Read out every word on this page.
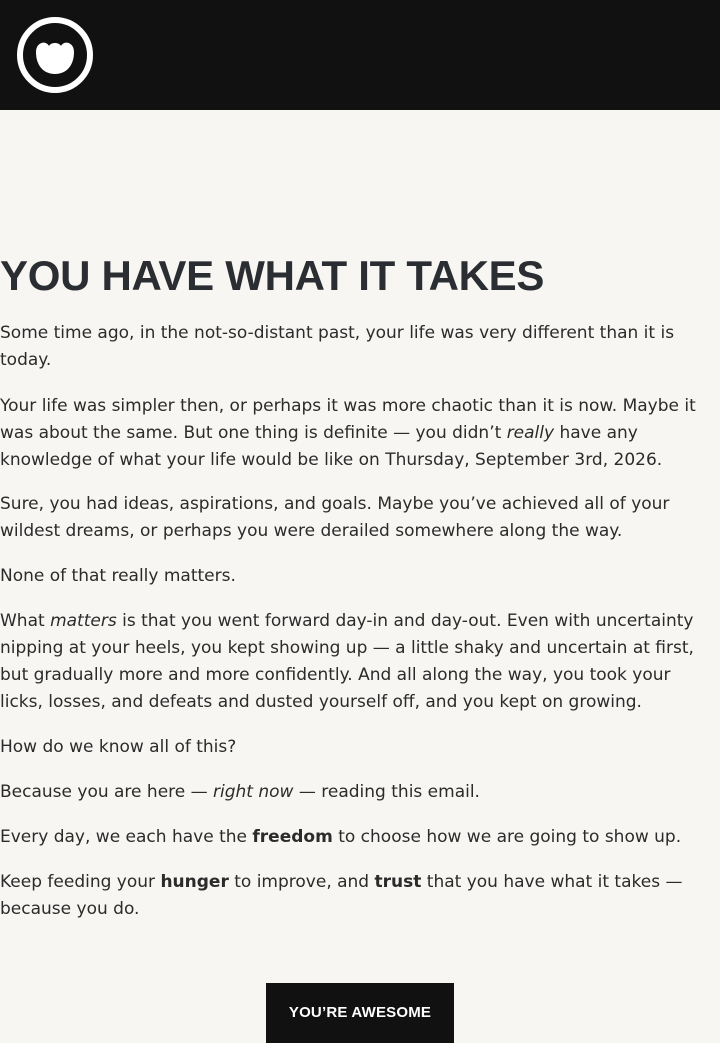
YOU HAVE WHAT IT TAKES

Some time ago, in the not-so-distant past, your life was very different than it is
today.

Your life was simpler then, or perhaps it was more chaotic than it is now. Maybe it
was about the same. But one thing is definite — you didn’t really have any
knowledge of what your life would be like on Thursday, September 3rd, 2026.

Sure, you had ideas, aspirations, and goals. Maybe you’ve achieved all of your
wildest dreams, or perhaps you were derailed somewhere along the way.

None of that really matters.

What matters is that you went forward day-in and day-out. Even with uncertainty
nipping at your heels, you kept showing up — a little shaky and uncertain at first,
but gradually more and more confidently. And all along the way, you took your
licks, losses, and defeats and dusted yourself off, and you kept on growing.

How do we know all of this?

Because you are here — right now — reading this email.

Every day, we each have the freedom to choose how we are going to show up.

Keep feeding your hunger to improve, and trust that you have what it takes —
because you do.

YOU’RE AWESOME
